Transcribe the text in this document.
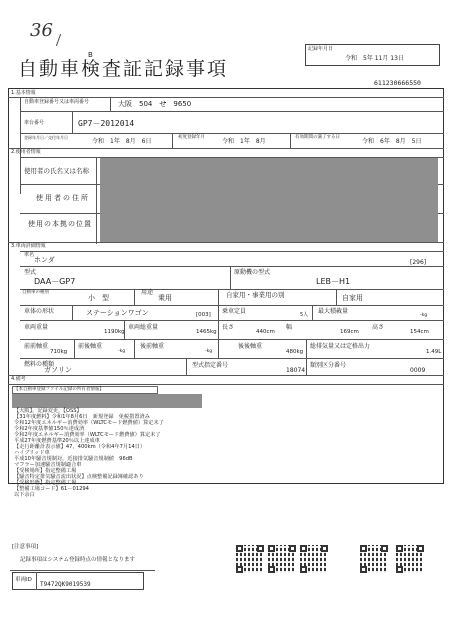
36
B
記録年月日
令和　5年 11月 13日
自動車検査証記録事項
611230666550
1.基本情報
自動車登録番号又は車両番号	大阪　504　せ　9650
車台番号	GP7－2012014
登録年月日／交付年月日
令和　1年　8月　6日
初度登録年月
令和　1年　8月
有効期間の満了する日
令和　6年　8月　5日
2.使用者情報
使用者の氏名又は名称
使用者の住所
使用の本拠の位置
3.車両詳細情報
車名
ホンダ	[296]
型式
DAA－GP7
原動機の型式
LEB－H1
自動車の種別
小　型
用途
乗用	自家用・事業用の別	自家用
車体の形状	ステーションワゴン	[003] 乗車定員	5人 最大積載量
-kg
車両重量
1190kg
車両総重量
1465kg
長さ
440cm
幅
169cm
高さ
154cm
前前軸重
710kg
前後軸重
-kg
後前軸重
-kg
後後軸重
480kg
総排気量又は定格出力
1.49L
燃料の種類
ガソリン
型式指定番号
18074
類別区分番号
0009
4.備考
【本自動車登録ファイル記録の所有者情報】
【大阪】，記録変更，【OSS】
【31年度燃料】令和1年8月6日　新規登録　免税措置済み
令和12年度エネルギー消費効率（WLTCモード燃費値）算定未了
令和2年度基準値150％達成済
令和2年度エネルギー消費効率（WLTCモード燃費値）算定未了
平成27年度燃費基準20％以上達成車
【走行距離計表示値】47，400km（令和4年7月14日）
ハイブリッド車
平成10年騒音規制対，近接排気騒音規制値　96dB
マフラー加速騒音規制適合車
【受検場所】指定整備工場
【騒音特定排気騒音流出状況】点検整備記録簿確認あり
【受検形態】指定整備工場
【整備工場コード】61－01294
以下余白
[注意事項]
記録事項はシステム登録時点の情報となります
車両ID
T9472QK9019539
